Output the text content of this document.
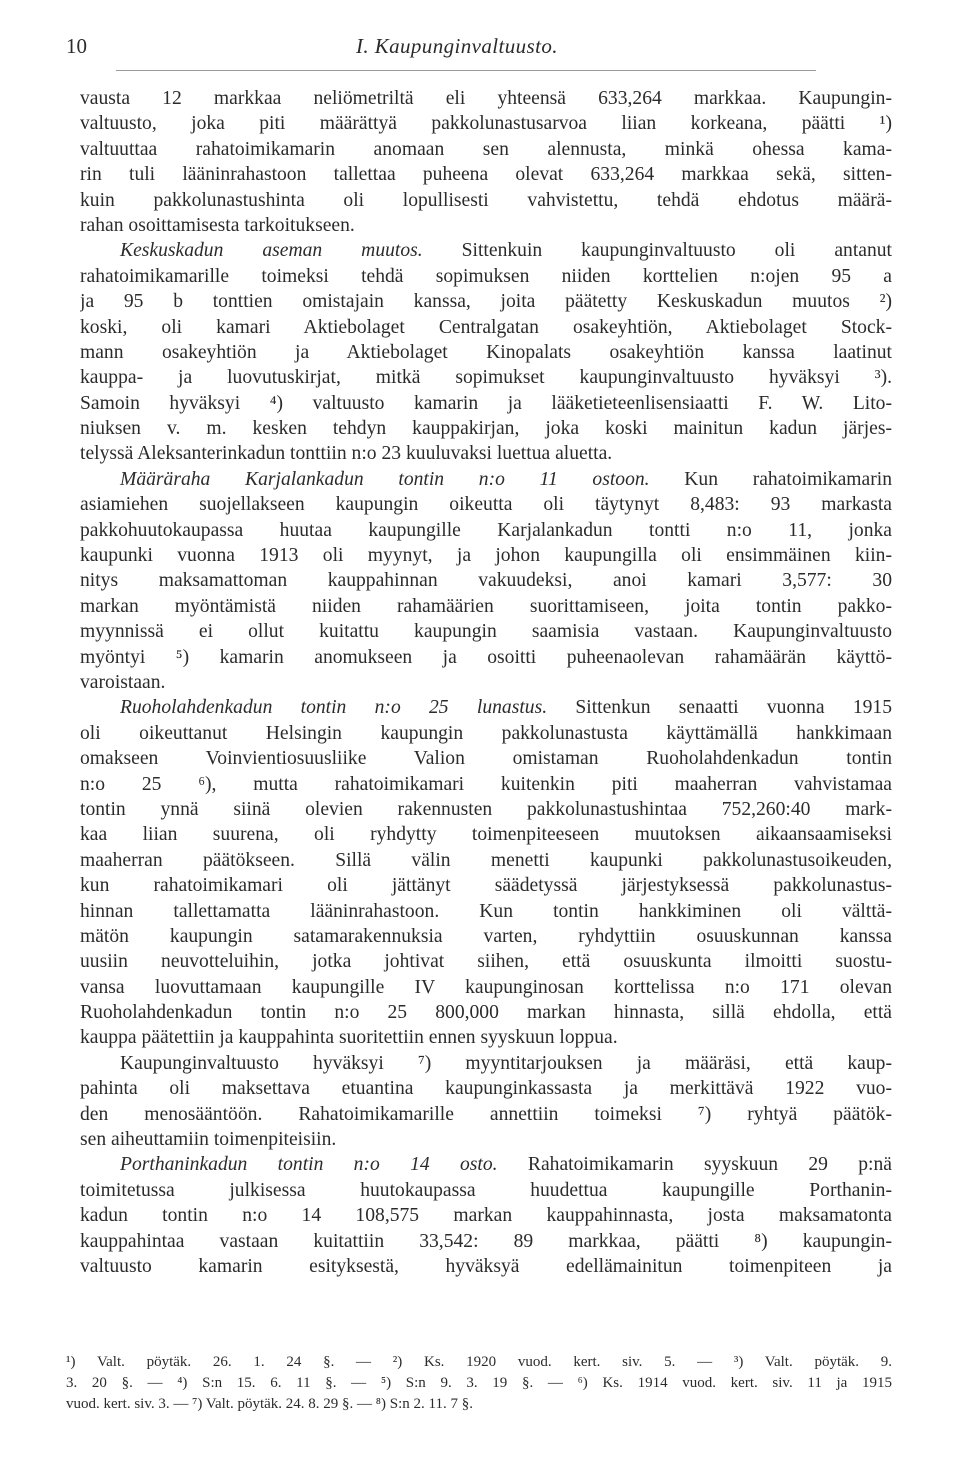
10	I. Kaupunginvaltuusto.
vausta 12 markkaa neliömetriltä eli yhteensä 633,264 markkaa. Kaupungin-
valtuusto, joka piti määrättyä pakkolunastusarvoa liian korkeana, päätti ¹)
valtuuttaa rahatoimikamarin anomaan sen alennusta, minkä ohessa kama-
rin tuli lääninrahastoon tallettaa puheena olevat 633,264 markkaa sekä, sitten-
kuin pakkolunastushinta oli lopullisesti vahvistettu, tehdä ehdotus määrä-
rahan osoittamisesta tarkoitukseen.
Keskuskadun aseman muutos. Sittenkuin kaupunginvaltuusto oli antanut
rahatoimikamarille toimeksi tehdä sopimuksen niiden korttelien n:ojen 95 a
ja 95 b tonttien omistajain kanssa, joita päätetty Keskuskadun muutos ²)
koski, oli kamari Aktiebolaget Centralgatan osakeyhtiön, Aktiebolaget Stock-
mann osakeyhtiön ja Aktiebolaget Kinopalats osakeyhtiön kanssa laatinut
kauppa- ja luovutuskirjat, mitkä sopimukset kaupunginvaltuusto hyväksyi ³).
Samoin hyväksyi ⁴) valtuusto kamarin ja lääketieteenlisensiaatti F. W. Lito-
niuksen v. m. kesken tehdyn kauppakirjan, joka koski mainitun kadun järjes-
telyssä Aleksanterinkadun tonttiin n:o 23 kuuluvaksi luettua aluetta.
Määräraha Karjalankadun tontin n:o 11 ostoon. Kun rahatoimikamarin
asiamiehen suojellakseen kaupungin oikeutta oli täytynyt 8,483: 93 markasta
pakkohuutokaupassa huutaa kaupungille Karjalankadun tontti n:o 11, jonka
kaupunki vuonna 1913 oli myynyt, ja johon kaupungilla oli ensimmäinen kiin-
nitys maksamattoman kauppahinnan vakuudeksi, anoi kamari 3,577: 30
markan myöntämistä niiden rahamäärien suorittamiseen, joita tontin pakko-
myynnissä ei ollut kuitattu kaupungin saamisia vastaan. Kaupunginvaltuusto
myöntyi ⁵) kamarin anomukseen ja osoitti puheenaolevan rahamäärän käyttö-
varoistaan.
Ruoholahdenkadun tontin n:o 25 lunastus. Sittenkun senaatti vuonna 1915
oli oikeuttanut Helsingin kaupungin pakkolunastusta käyttämällä hankkimaan
omakseen Voinvientiosuusliike Valion omistaman Ruoholahdenkadun tontin
n:o 25 ⁶), mutta rahatoimikamari kuitenkin piti maaherran vahvistamaa
tontin ynnä siinä olevien rakennusten pakkolunastushintaa 752,260:40 mark-
kaa liian suurena, oli ryhdytty toimenpiteeseen muutoksen aikaansaamiseksi
maaherran päätökseen. Sillä välin menetti kaupunki pakkolunastusoikeuden,
kun rahatoimikamari oli jättänyt säädetyssä järjestyksessä pakkolunastus-
hinnan tallettamatta lääninrahastoon. Kun tontin hankkiminen oli välttä-
mätön kaupungin satamarakennuksia varten, ryhdyttiin osuuskunnan kanssa
uusiin neuvotteluihin, jotka johtivat siihen, että osuuskunta ilmoitti suostu-
vansa luovuttamaan kaupungille IV kaupunginosan korttelissa n:o 171 olevan
Ruoholahdenkadun tontin n:o 25 800,000 markan hinnasta, sillä ehdolla, että
kauppa päätettiin ja kauppahinta suoritettiin ennen syyskuun loppua.
Kaupunginvaltuusto hyväksyi ⁷) myyntitarjouksen ja määräsi, että kaup-
pahinta oli maksettava etuantina kaupunginkassasta ja merkittävä 1922 vuo-
den menosääntöön. Rahatoimikamarille annettiin toimeksi ⁷) ryhtyä päätök-
sen aiheuttamiin toimenpiteisiin.
Porthaninkadun tontin n:o 14 osto. Rahatoimikamarin syyskuun 29 p:nä
toimitetussa julkisessa huutokaupassa huudettua kaupungille Porthanin-
kadun tontin n:o 14 108,575 markan kauppahinnasta, josta maksamatonta
kauppahintaa vastaan kuitattiin 33,542: 89 markkaa, päätti ⁸) kaupungin-
valtuusto kamarin esityksestä, hyväksyä edellämainitun toimenpiteen ja
¹) Valt. pöytäk. 26. 1. 24 §. — ²) Ks. 1920 vuod. kert. siv. 5. — ³) Valt. pöytäk. 9.
3. 20 §. — ⁴) S:n 15. 6. 11 §. — ⁵) S:n 9. 3. 19 §. — ⁶) Ks. 1914 vuod. kert. siv. 11 ja 1915
vuod. kert. siv. 3. — ⁷) Valt. pöytäk. 24. 8. 29 §. — ⁸) S:n 2. 11. 7 §.
